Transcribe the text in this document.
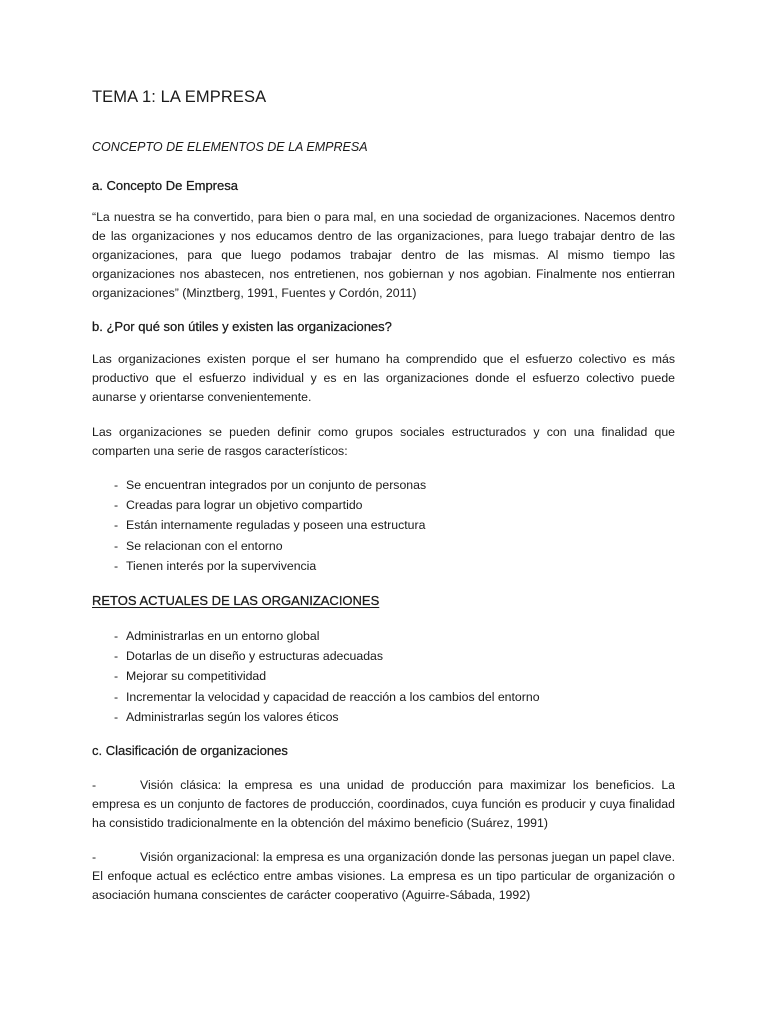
TEMA 1: LA EMPRESA

CONCEPTO DE ELEMENTOS DE LA EMPRESA

a. Concepto De Empresa

“La nuestra se ha convertido, para bien o para mal, en una sociedad de organizaciones. Nacemos dentro de las organizaciones y nos educamos dentro de las organizaciones, para luego trabajar dentro de las organizaciones, para que luego podamos trabajar dentro de las mismas. Al mismo tiempo las organizaciones nos abastecen, nos entretienen, nos gobiernan y nos agobian. Finalmente nos entierran organizaciones” (Minztberg, 1991, Fuentes y Cordón, 2011)

b. ¿Por qué son útiles y existen las organizaciones?

Las organizaciones existen porque el ser humano ha comprendido que el esfuerzo colectivo es más productivo que el esfuerzo individual y es en las organizaciones donde el esfuerzo colectivo puede aunarse y orientarse convenientemente.

Las organizaciones se pueden definir como grupos sociales estructurados y con una finalidad que comparten una serie de rasgos característicos:

- Se encuentran integrados por un conjunto de personas
- Creadas para lograr un objetivo compartido
- Están internamente reguladas y poseen una estructura
- Se relacionan con el entorno
- Tienen interés por la supervivencia

RETOS ACTUALES DE LAS ORGANIZACIONES

- Administrarlas en un entorno global
- Dotarlas de un diseño y estructuras adecuadas
- Mejorar su competitividad
- Incrementar la velocidad y capacidad de reacción a los cambios del entorno
- Administrarlas según los valores éticos

c. Clasificación de organizaciones

-	Visión clásica: la empresa es una unidad de producción para maximizar los beneficios. La empresa es un conjunto de factores de producción, coordinados, cuya función es producir y cuya finalidad ha consistido tradicionalmente en la obtención del máximo beneficio (Suárez, 1991)

-	Visión organizacional: la empresa es una organización donde las personas juegan un papel clave. El enfoque actual es ecléctico entre ambas visiones. La empresa es un tipo particular de organización o asociación humana conscientes de carácter cooperativo (Aguirre-Sábada, 1992)
